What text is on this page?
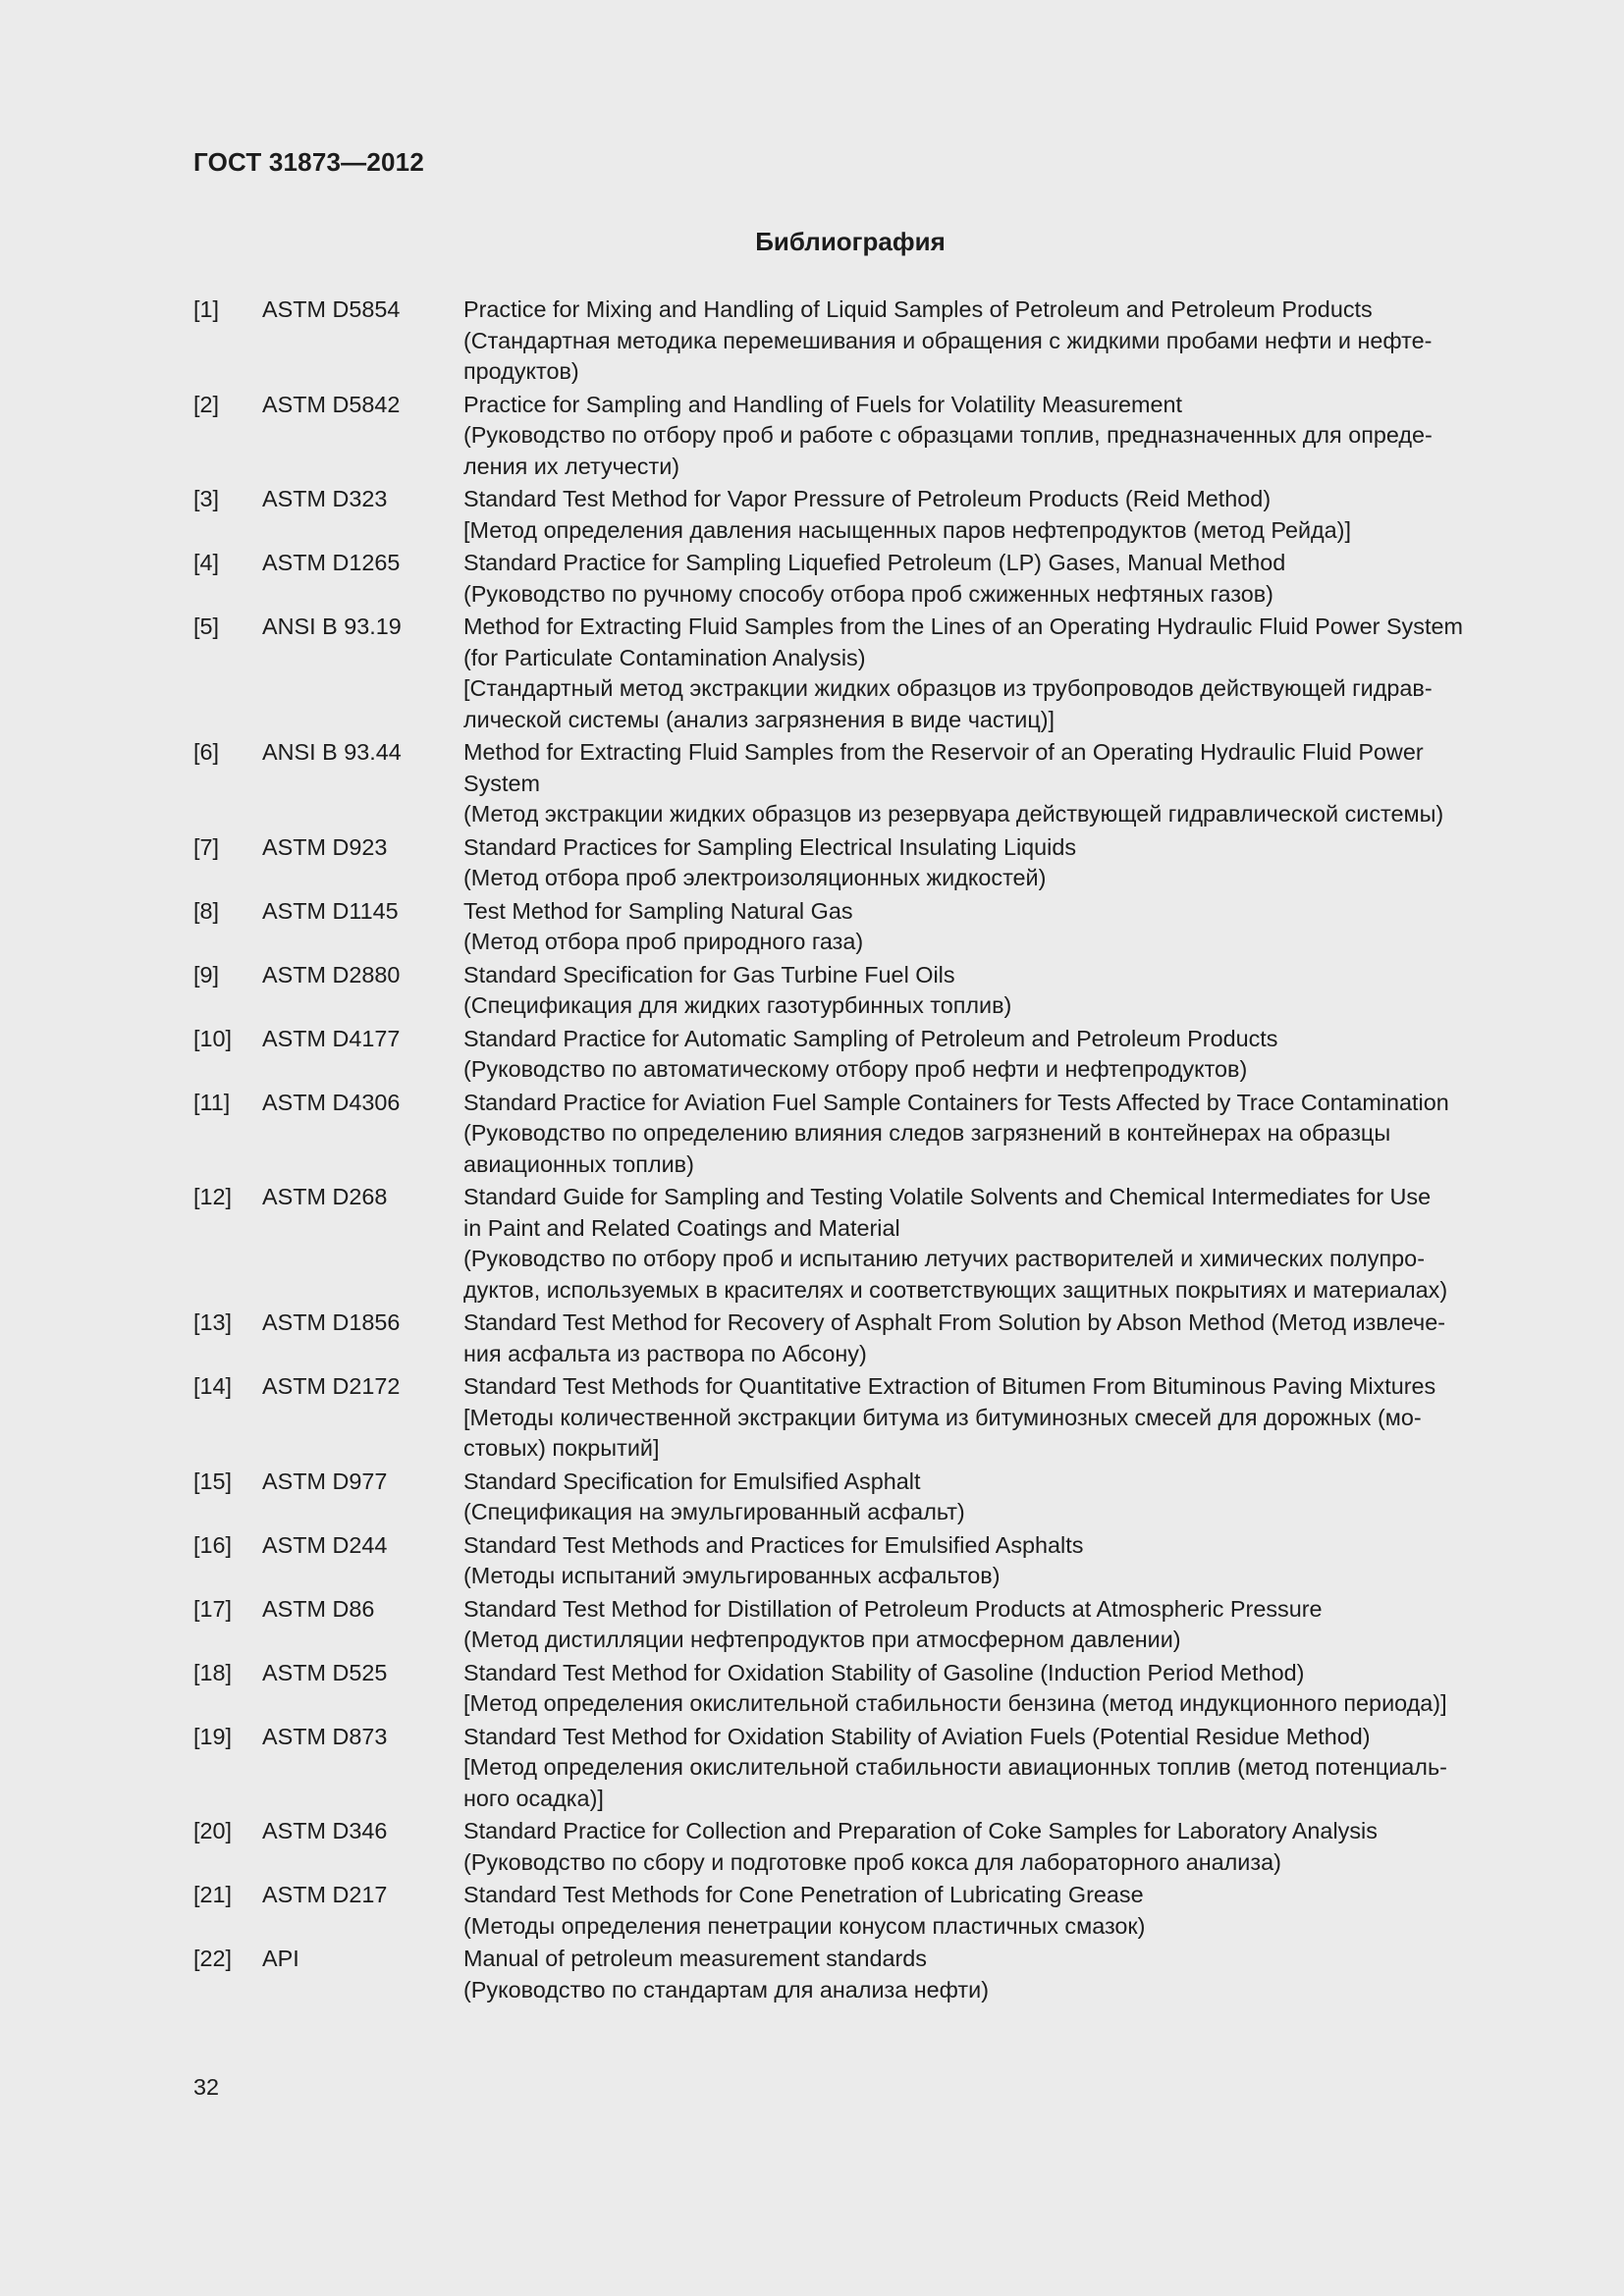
ГОСТ 31873—2012
Библиография
[1]	ASTM D5854	Practice for Mixing and Handling of Liquid Samples of Petroleum and Petroleum Products
(Стандартная методика перемешивания и обращения с жидкими пробами нефти и нефте-
продуктов)
[2]	ASTM D5842	Practice for Sampling and Handling of Fuels for Volatility Measurement
(Руководство по отбору проб и работе с образцами топлив, предназначенных для опреде-
ления их летучести)
[3]	ASTM D323	Standard Test Method for Vapor Pressure of Petroleum Products (Reid Method)
[Метод определения давления насыщенных паров нефтепродуктов (метод Рейда)]
[4]	ASTM D1265	Standard Practice for Sampling Liquefied Petroleum (LP) Gases, Manual Method
(Руководство по ручному способу отбора проб сжиженных нефтяных газов)
[5]	ANSI B 93.19	Method for Extracting Fluid Samples from the Lines of an Operating Hydraulic Fluid Power System
(for Particulate Contamination Analysis)
[Стандартный метод экстракции жидких образцов из трубопроводов действующей гидрав-
лической системы (анализ загрязнения в виде частиц)]
[6]	ANSI B 93.44	Method for Extracting Fluid Samples from the Reservoir of an Operating Hydraulic Fluid Power
System
(Метод экстракции жидких образцов из резервуара действующей гидравлической системы)
[7]	ASTM D923	Standard Practices for Sampling Electrical Insulating Liquids
(Метод отбора проб электроизоляционных жидкостей)
[8]	ASTM D1145	Test Method for Sampling Natural Gas
(Метод отбора проб природного газа)
[9]	ASTM D2880	Standard Specification for Gas Turbine Fuel Oils
(Спецификация для жидких газотурбинных топлив)
[10]	ASTM D4177	Standard Practice for Automatic Sampling of Petroleum and Petroleum Products
(Руководство по автоматическому отбору проб нефти и нефтепродуктов)
[11]	ASTM D4306	Standard Practice for Aviation Fuel Sample Containers for Tests Affected by Trace Contamination
(Руководство по определению влияния следов загрязнений в контейнерах на образцы
авиационных топлив)
[12]	ASTM D268	Standard Guide for Sampling and Testing Volatile Solvents and Chemical Intermediates for Use
in Paint and Related Coatings and Material
(Руководство по отбору проб и испытанию летучих растворителей и химических полупро-
дуктов, используемых в красителях и соответствующих защитных покрытиях и материалах)
[13]	ASTM D1856	Standard Test Method for Recovery of Asphalt From Solution by Abson Method (Метод извлече-
ния асфальта из раствора по Абсону)
[14]	ASTM D2172	Standard Test Methods for Quantitative Extraction of Bitumen From Bituminous Paving Mixtures
[Методы количественной экстракции битума из битуминозных смесей для дорожных (мо-
стовых) покрытий]
[15]	ASTM D977	Standard Specification for Emulsified Asphalt
(Спецификация на эмульгированный асфальт)
[16]	ASTM D244	Standard Test Methods and Practices for Emulsified Asphalts
(Методы испытаний эмульгированных асфальтов)
[17]	ASTM D86	Standard Test Method for Distillation of Petroleum Products at Atmospheric Pressure
(Метод дистилляции нефтепродуктов при атмосферном давлении)
[18]	ASTM D525	Standard Test Method for Oxidation Stability of Gasoline (Induction Period Method)
[Метод определения окислительной стабильности бензина (метод индукционного периода)]
[19]	ASTM D873	Standard Test Method for Oxidation Stability of Aviation Fuels (Potential Residue Method)
[Метод определения окислительной стабильности авиационных топлив (метод потенциаль-
ного осадка)]
[20]	ASTM D346	Standard Practice for Collection and Preparation of Coke Samples for Laboratory Analysis
(Руководство по сбору и подготовке проб кокса для лабораторного анализа)
[21]	ASTM D217	Standard Test Methods for Cone Penetration of Lubricating Grease
(Методы определения пенетрации конусом пластичных смазок)
[22]	API	Manual of petroleum measurement standards
(Руководство по стандартам для анализа нефти)
32
